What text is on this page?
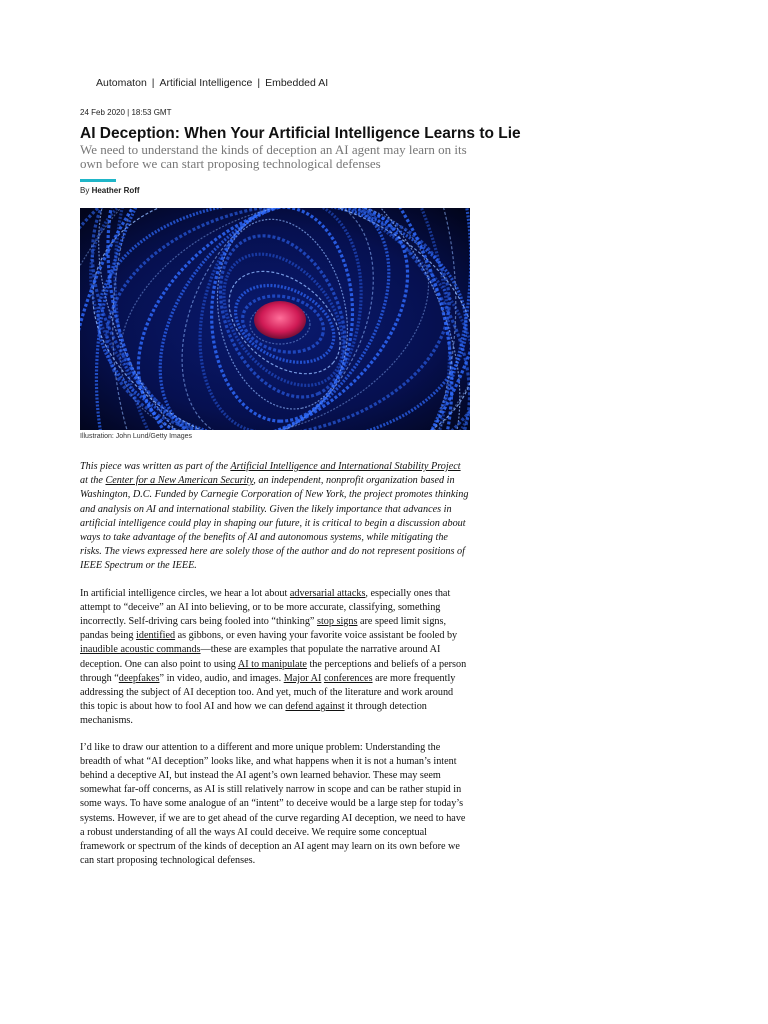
Automaton | Artificial Intelligence | Embedded AI
24 Feb 2020 | 18:53 GMT
AI Deception: When Your Artificial Intelligence Learns to Lie

We need to understand the kinds of deception an AI agent may learn on its own before we can start proposing technological defenses

By Heather Roff
Illustration: John Lund/Getty Images

This piece was written as part of the Artificial Intelligence and International Stability Project at the Center for a New American Security, an independent, nonprofit organization based in Washington, D.C. Funded by Carnegie Corporation of New York, the project promotes thinking and analysis on AI and international stability. Given the likely importance that advances in artificial intelligence could play in shaping our future, it is critical to begin a discussion about ways to take advantage of the benefits of AI and autonomous systems, while mitigating the risks. The views expressed here are solely those of the author and do not represent positions of IEEE Spectrum or the IEEE.

In artificial intelligence circles, we hear a lot about adversarial attacks, especially ones that attempt to “deceive” an AI into believing, or to be more accurate, classifying, something incorrectly. Self-driving cars being fooled into “thinking” stop signs are speed limit signs, pandas being identified as gibbons, or even having your favorite voice assistant be fooled by inaudible acoustic commands—these are examples that populate the narrative around AI deception. One can also point to using AI to manipulate the perceptions and beliefs of a person through “deepfakes” in video, audio, and images. Major AI conferences are more frequently addressing the subject of AI deception too. And yet, much of the literature and work around this topic is about how to fool AI and how we can defend against it through detection mechanisms.

I’d like to draw our attention to a different and more unique problem: Understanding the breadth of what “AI deception” looks like, and what happens when it is not a human’s intent behind a deceptive AI, but instead the AI agent’s own learned behavior. These may seem somewhat far-off concerns, as AI is still relatively narrow in scope and can be rather stupid in some ways. To have some analogue of an “intent” to deceive would be a large step for today’s systems. However, if we are to get ahead of the curve regarding AI deception, we need to have a robust understanding of all the ways AI could deceive. We require some conceptual framework or spectrum of the kinds of deception an AI agent may learn on its own before we can start proposing technological defenses.
